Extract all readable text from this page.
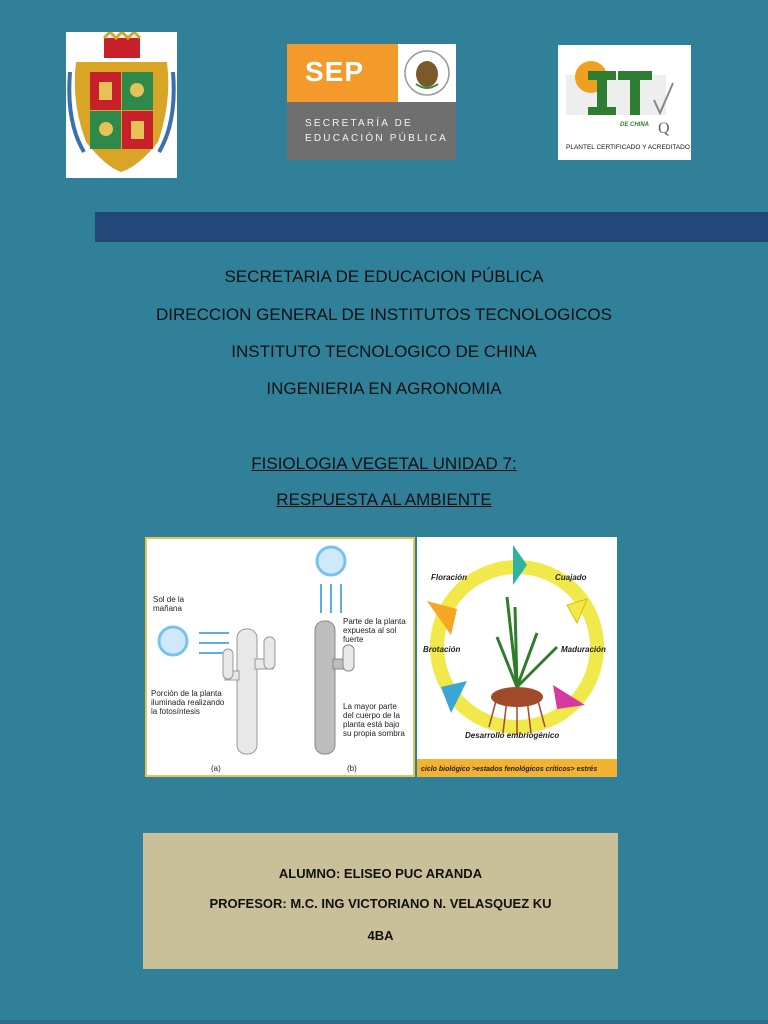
SEP
SECRETARÍA DE
EDUCACIÓN PÚBLICA
Q
DE CHINA
PLANTEL CERTIFICADO Y ACREDITADO
SECRETARIA DE EDUCACION PÚBLICA
DIRECCION GENERAL DE INSTITUTOS TECNOLOGICOS
INSTITUTO TECNOLOGICO DE CHINA
INGENIERIA EN AGRONOMIA
FISIOLOGIA VEGETAL UNIDAD 7:
RESPUESTA AL AMBIENTE
Sol de la mañana
Porción de la planta iluminada realizando la fotosíntesis
Parte de la planta expuesta al sol fuerte
La mayor parte del cuerpo de la planta está bajo su propia sombra
(a)	(b)
Floración	Cuajado
Brotación	Maduración
Desarrollo embriogénico
ciclo biológico >estados fenológicos críticos> estrés
ALUMNO: ELISEO PUC ARANDA
PROFESOR: M.C. ING VICTORIANO N. VELASQUEZ KU
4BA
